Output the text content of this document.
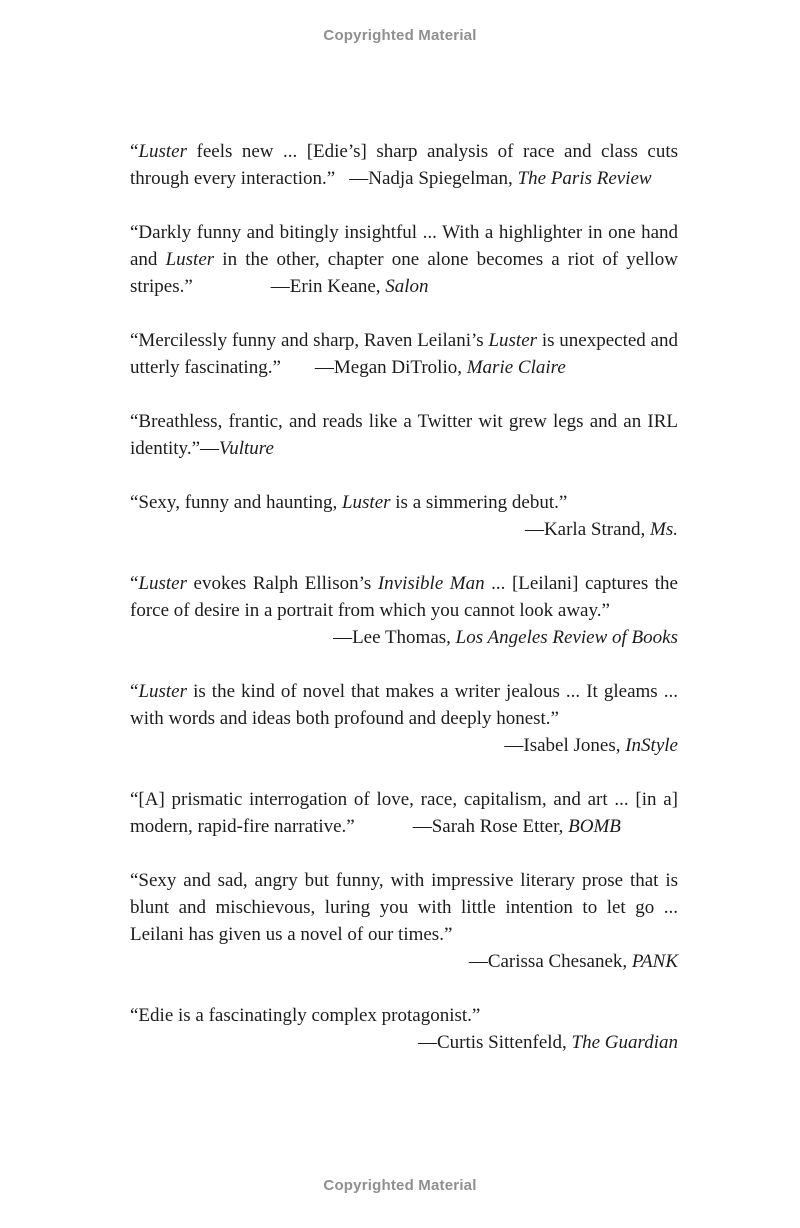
Copyrighted Material

“Luster feels new ... [Edie’s] sharp analysis of race and class cuts through every interaction.” —Nadja Spiegelman, The Paris Review

“Darkly funny and bitingly insightful ... With a highlighter in one hand and Luster in the other, chapter one alone becomes a riot of yellow stripes.”	—Erin Keane, Salon

“Mercilessly funny and sharp, Raven Leilani’s Luster is unexpected and utterly fascinating.” —Megan DiTrolio, Marie Claire

“Breathless, frantic, and reads like a Twitter wit grew legs and an IRL identity.”—Vulture

“Sexy, funny and haunting, Luster is a simmering debut.”

—Karla Strand, Ms.

“Luster evokes Ralph Ellison’s Invisible Man ... [Leilani] captures the force of desire in a portrait from which you cannot look away.”

—Lee Thomas, Los Angeles Review of Books

“Luster is the kind of novel that makes a writer jealous ... It gleams ... with words and ideas both profound and deeply honest.”

—Isabel Jones, InStyle

“[A] prismatic interrogation of love, race, capitalism, and art ... [in a] modern, rapid-fire narrative.”	—Sarah Rose Etter, BOMB

“Sexy and sad, angry but funny, with impressive literary prose that is blunt and mischievous, luring you with little intention to let go ... Leilani has given us a novel of our times.”

—Carissa Chesanek, PANK

“Edie is a fascinatingly complex protagonist.”

—Curtis Sittenfeld, The Guardian
Copyrighted Material
